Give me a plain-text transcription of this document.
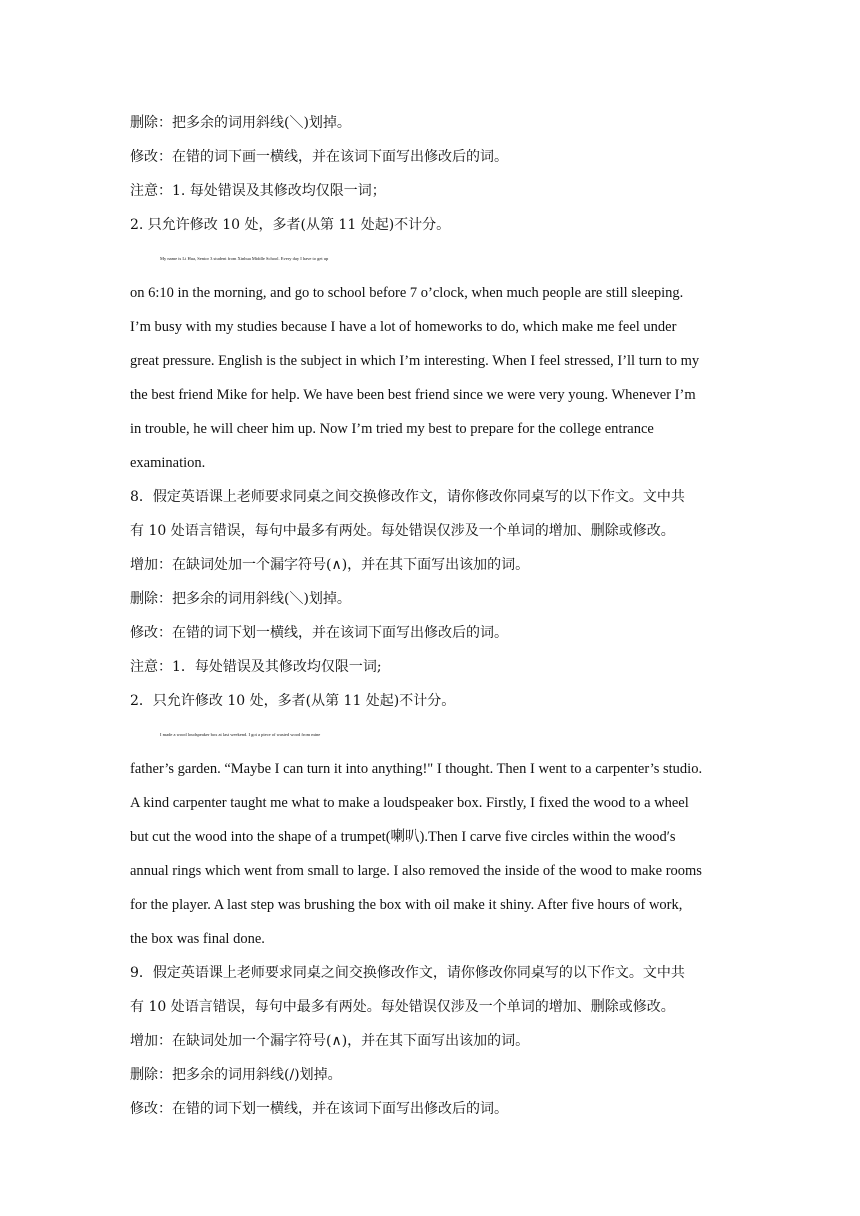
删除：把多余的词用斜线(＼)划掉。
修改：在错的词下画一横线，并在该词下面写出修改后的词。
注意：1. 每处错误及其修改均仅限一词；
2. 只允许修改 10 处，多者(从第 11 处起)不计分。
My name is Li Hua, Senior 3 student from Xinhua Middle School. Every day I have to get up
on 6:10 in the morning, and go to school before 7 o’clock, when much people are still sleeping.
I’m busy with my studies because I have a lot of homeworks to do, which make me feel under
great pressure. English is the subject in which I’m interesting. When I feel stressed, I’ll turn to my
the best friend Mike for help. We have been best friend since we were very young. Whenever I’m
in trouble, he will cheer him up. Now I’m tried my best to prepare for the college entrance
examination.
8．假定英语课上老师要求同桌之间交换修改作文，请你修改你同桌写的以下作文。文中共
有 10 处语言错误，每句中最多有两处。每处错误仅涉及一个单词的增加、删除或修改。
增加：在缺词处加一个漏字符号(∧)，并在其下面写出该加的词。
删除：把多余的词用斜线(＼)划掉。
修改：在错的词下划一横线，并在该词下面写出修改后的词。
注意：1．每处错误及其修改均仅限一词;
2．只允许修改 10 处，多者(从第 11 处起)不计分。
I made a wood loudspeaker box at last weekend. I got a piece of wasted wood from mine
father’s garden. “Maybe I can turn it into anything!" I thought. Then I went to a carpenter’s studio.
A kind carpenter taught me what to make a loudspeaker box. Firstly, I fixed the wood to a wheel
but cut the wood into the shape of a trumpet(喇叭).Then I carve five circles within the wood′s
annual rings which went from small to large. I also removed the inside of the wood to make rooms
for the player. A last step was brushing the box with oil make it shiny. After five hours of work,
the box was final done.
9．假定英语课上老师要求同桌之间交换修改作文，请你修改你同桌写的以下作文。文中共
有 10 处语言错误，每句中最多有两处。每处错误仅涉及一个单词的增加、删除或修改。
增加：在缺词处加一个漏字符号(∧)，并在其下面写出该加的词。
删除：把多余的词用斜线(/)划掉。
修改：在错的词下划一横线，并在该词下面写出修改后的词。
